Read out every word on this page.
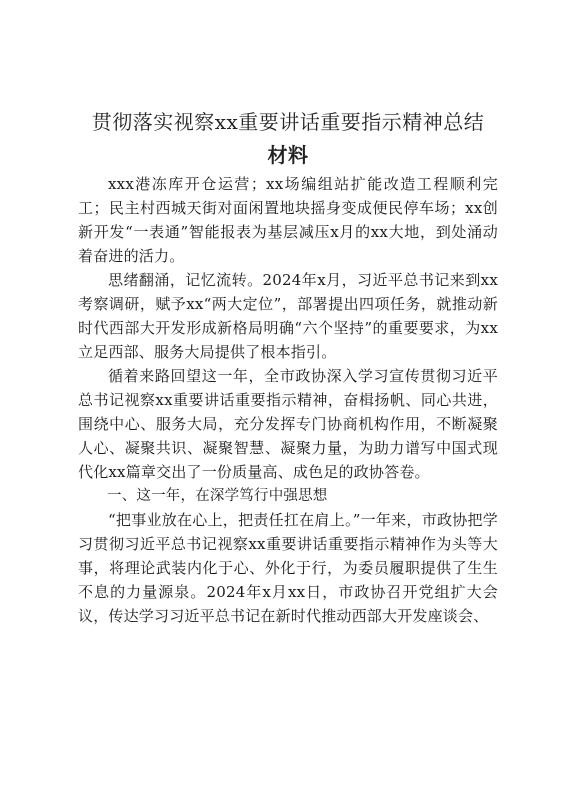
贯彻落实视察xx重要讲话重要指示精神总结
材料

xxx港冻库开仓运营；xx场编组站扩能改造工程顺利完工；民主村西城天街对面闲置地块摇身变成便民停车场；xx创新开发“一表通”智能报表为基层减压x月的xx大地，到处涌动着奋进的活力。

思绪翻涌，记忆流转。2024年x月，习近平总书记来到xx考察调研，赋予xx“两大定位”，部署提出四项任务，就推动新时代西部大开发形成新格局明确“六个坚持”的重要要求，为xx立足西部、服务大局提供了根本指引。

循着来路回望这一年，全市政协深入学习宣传贯彻习近平总书记视察xx重要讲话重要指示精神，奋楫扬帆、同心共进，围绕中心、服务大局，充分发挥专门协商机构作用，不断凝聚人心、凝聚共识、凝聚智慧、凝聚力量，为助力谱写中国式现代化xx篇章交出了一份质量高、成色足的政协答卷。

一、这一年，在深学笃行中强思想

“把事业放在心上，把责任扛在肩上。”一年来，市政协把学习贯彻习近平总书记视察xx重要讲话重要指示精神作为头等大事，将理论武装内化于心、外化于行，为委员履职提供了生生不息的力量源泉。2024年x月xx日，市政协召开党组扩大会议，传达学习习近平总书记在新时代推动西部大开发座谈会、
